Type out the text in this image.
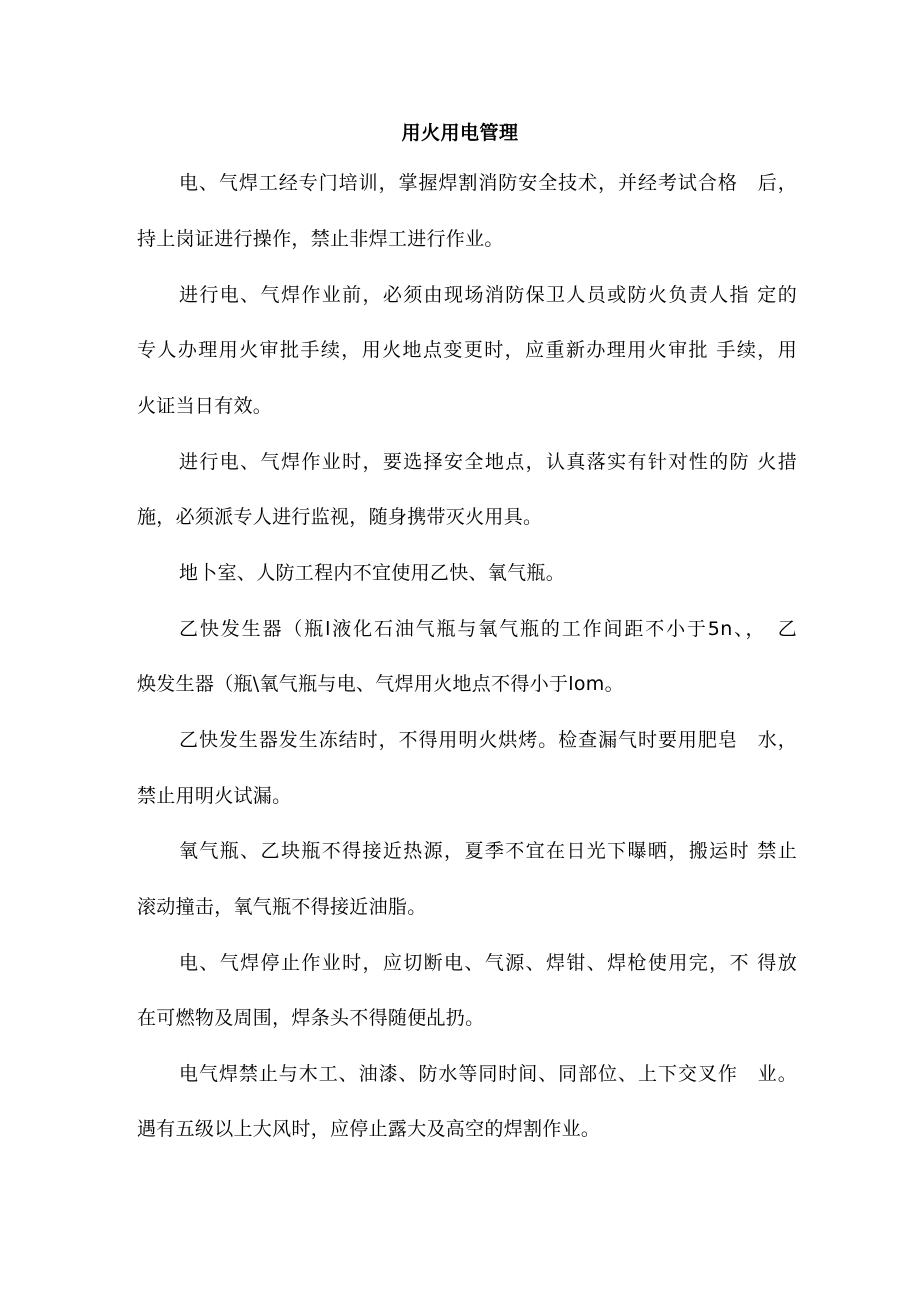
用火用电管理
电、气焊工经专门培训，掌握焊割消防安全技术，并经考试合格　后，
持上岗证进行操作，禁止非焊工进行作业。
进行电、气焊作业前，必须由现场消防保卫人员或防火负责人指 定的
专人办理用火审批手续，用火地点变更时，应重新办理用火审批 手续，用
火证当日有效。
进行电、气焊作业时，要选择安全地点，认真落实有针对性的防 火措
施，必须派专人进行监视，随身携带灭火用具。
地卜室、人防工程内不宜使用乙快、氧气瓶。
乙快发生器（瓶l液化石油气瓶与氧气瓶的工作间距不小于5n、，　乙
焕发生器（瓶\氧气瓶与电、气焊用火地点不得小于lom。
乙快发生器发生冻结时，不得用明火烘烤。检查漏气时要用肥皂　水，
禁止用明火试漏。
氧气瓶、乙块瓶不得接近热源，夏季不宜在日光下曝晒，搬运时 禁止
滚动撞击，氧气瓶不得接近油脂。
电、气焊停止作业时，应切断电、气源、焊钳、焊枪使用完，不 得放
在可燃物及周围，焊条头不得随便乩扔。
电气焊禁止与木工、油漆、防水等同时间、同部位、上下交叉作　业。
遇有五级以上大风时，应停止露大及高空的焊割作业。
